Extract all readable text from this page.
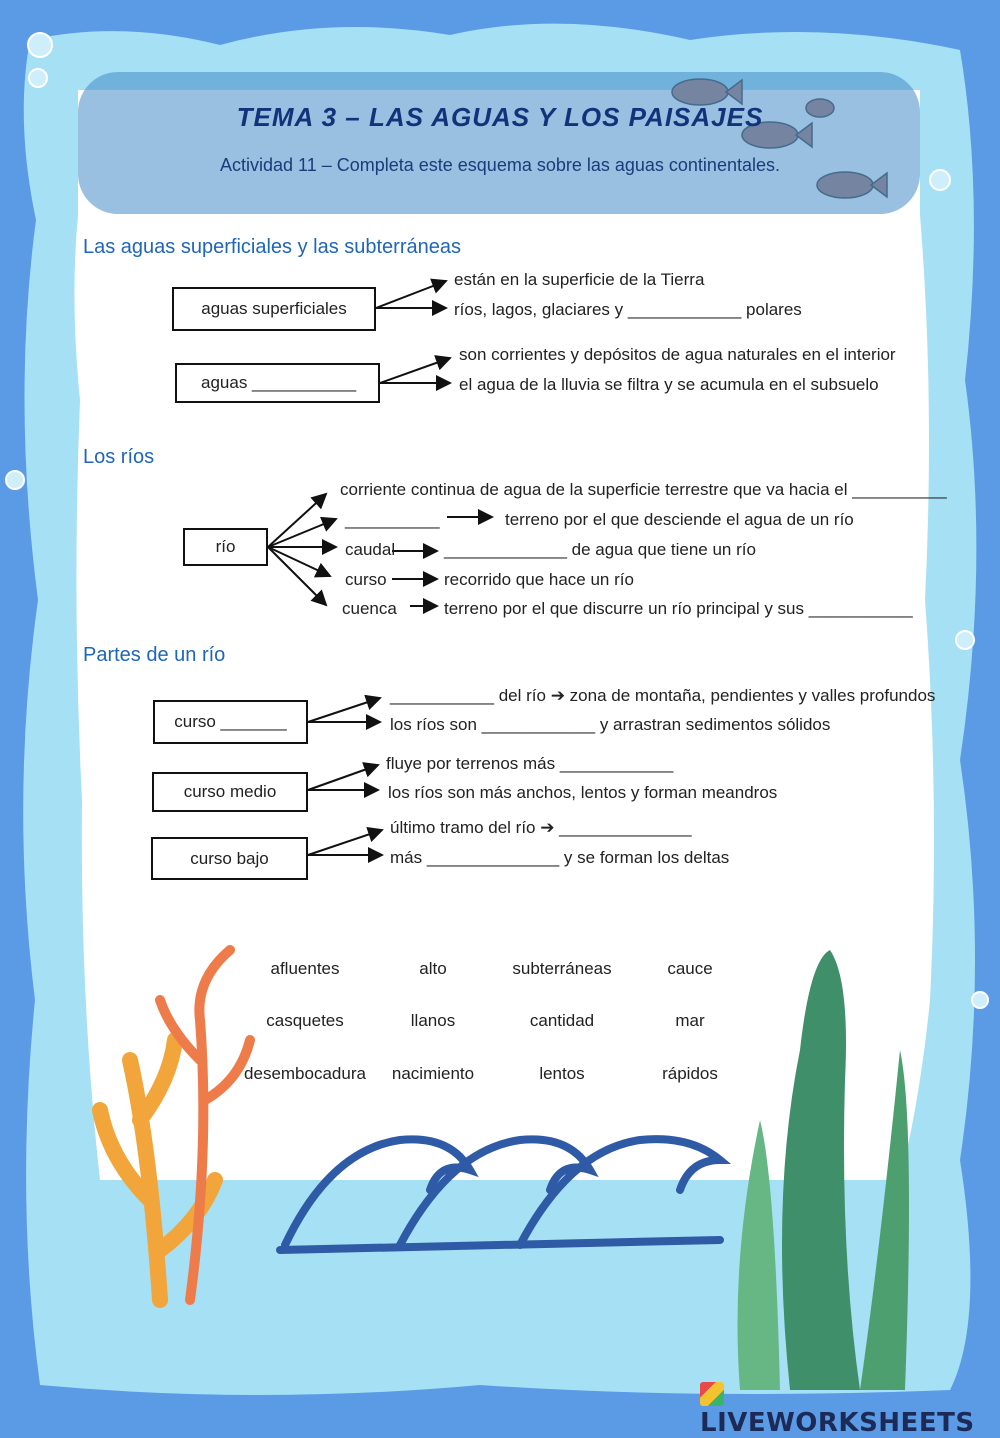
TEMA 3 – LAS AGUAS Y LOS PAISAJES
Actividad 11 – Completa este esquema sobre las aguas continentales.
Las aguas superficiales y las subterráneas
aguas superficiales
están en la superficie de la Tierra
ríos, lagos, glaciares y ____________ polares
aguas ___________
son corrientes y depósitos de agua naturales en el interior
el agua de la lluvia se filtra y se acumula en el subsuelo
Los ríos
río
corriente continua de agua de la superficie terrestre que va hacia el __________
__________	terreno por el que desciende el agua de un río
caudal	_____________ de agua que tiene un río
curso	recorrido que hace un río
cuenca	terreno por el que discurre un río principal y sus ___________
Partes de un río
curso _______
___________ del río ➔ zona de montaña, pendientes y valles profundos
los ríos son ____________ y arrastran sedimentos sólidos
curso medio
fluye por terrenos más ____________
los ríos son más anchos, lentos y forman meandros
curso bajo
último tramo del río ➔ ______________
más ______________ y se forman los deltas
afluentes	alto	subterráneas	cauce
casquetes	llanos	cantidad	mar
desembocadura	nacimiento	lentos	rápidos
LIVEWORKSHEETS
